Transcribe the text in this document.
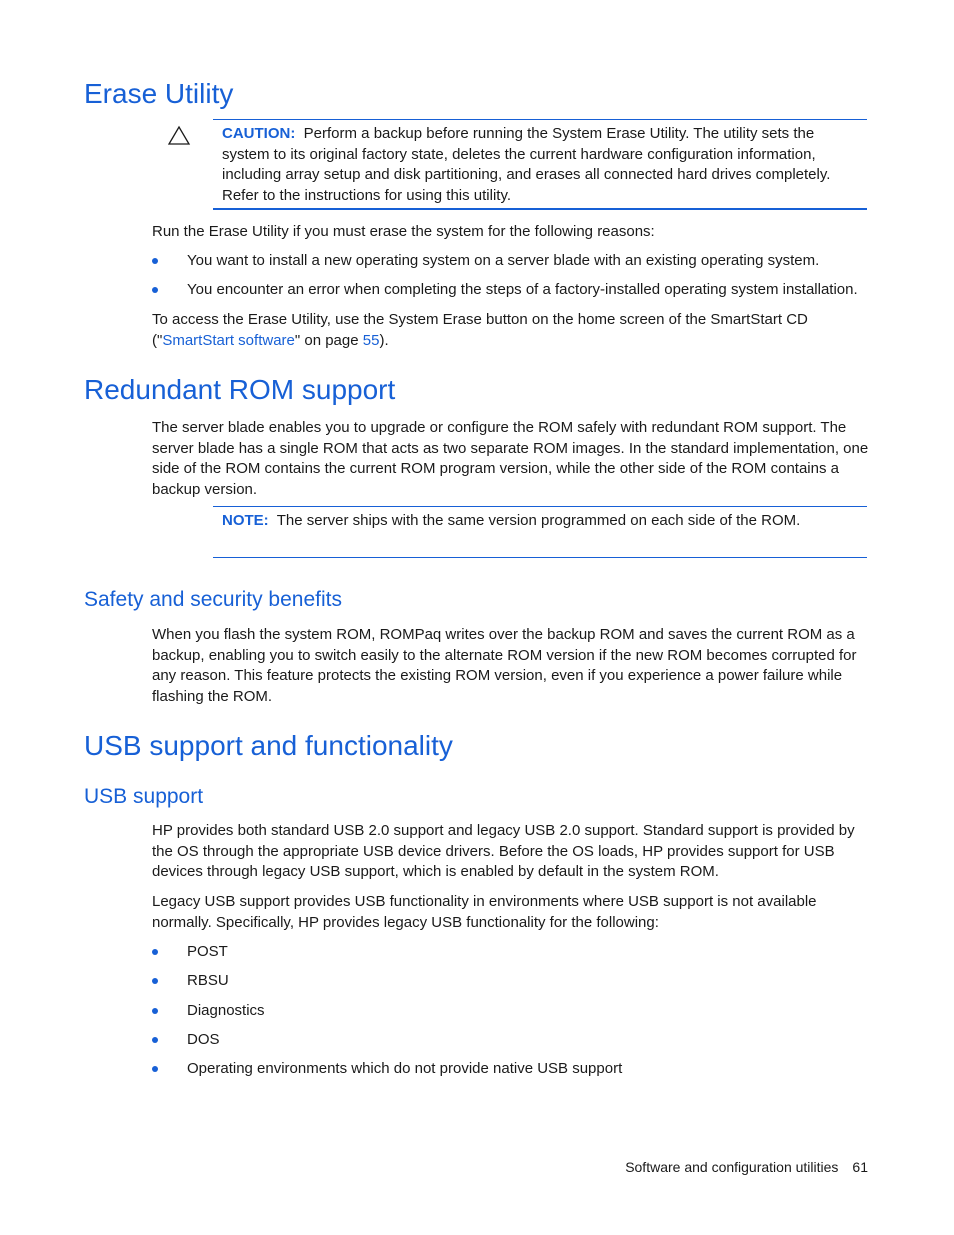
Erase Utility

CAUTION: Perform a backup before running the System Erase Utility. The utility sets the system to its original factory state, deletes the current hardware configuration information, including array setup and disk partitioning, and erases all connected hard drives completely. Refer to the instructions for using this utility.

Run the Erase Utility if you must erase the system for the following reasons:

You want to install a new operating system on a server blade with an existing operating system.
You encounter an error when completing the steps of a factory-installed operating system installation.

To access the Erase Utility, use the System Erase button on the home screen of the SmartStart CD ("SmartStart software" on page 55).

Redundant ROM support

The server blade enables you to upgrade or configure the ROM safely with redundant ROM support. The server blade has a single ROM that acts as two separate ROM images. In the standard implementation, one side of the ROM contains the current ROM program version, while the other side of the ROM contains a backup version.

NOTE: The server ships with the same version programmed on each side of the ROM.

Safety and security benefits

When you flash the system ROM, ROMPaq writes over the backup ROM and saves the current ROM as a backup, enabling you to switch easily to the alternate ROM version if the new ROM becomes corrupted for any reason. This feature protects the existing ROM version, even if you experience a power failure while flashing the ROM.

USB support and functionality
USB support

HP provides both standard USB 2.0 support and legacy USB 2.0 support. Standard support is provided by the OS through the appropriate USB device drivers. Before the OS loads, HP provides support for USB devices through legacy USB support, which is enabled by default in the system ROM.

Legacy USB support provides USB functionality in environments where USB support is not available normally. Specifically, HP provides legacy USB functionality for the following:

POST
RBSU
Diagnostics
DOS
Operating environments which do not provide native USB support
Software and configuration utilities 61
